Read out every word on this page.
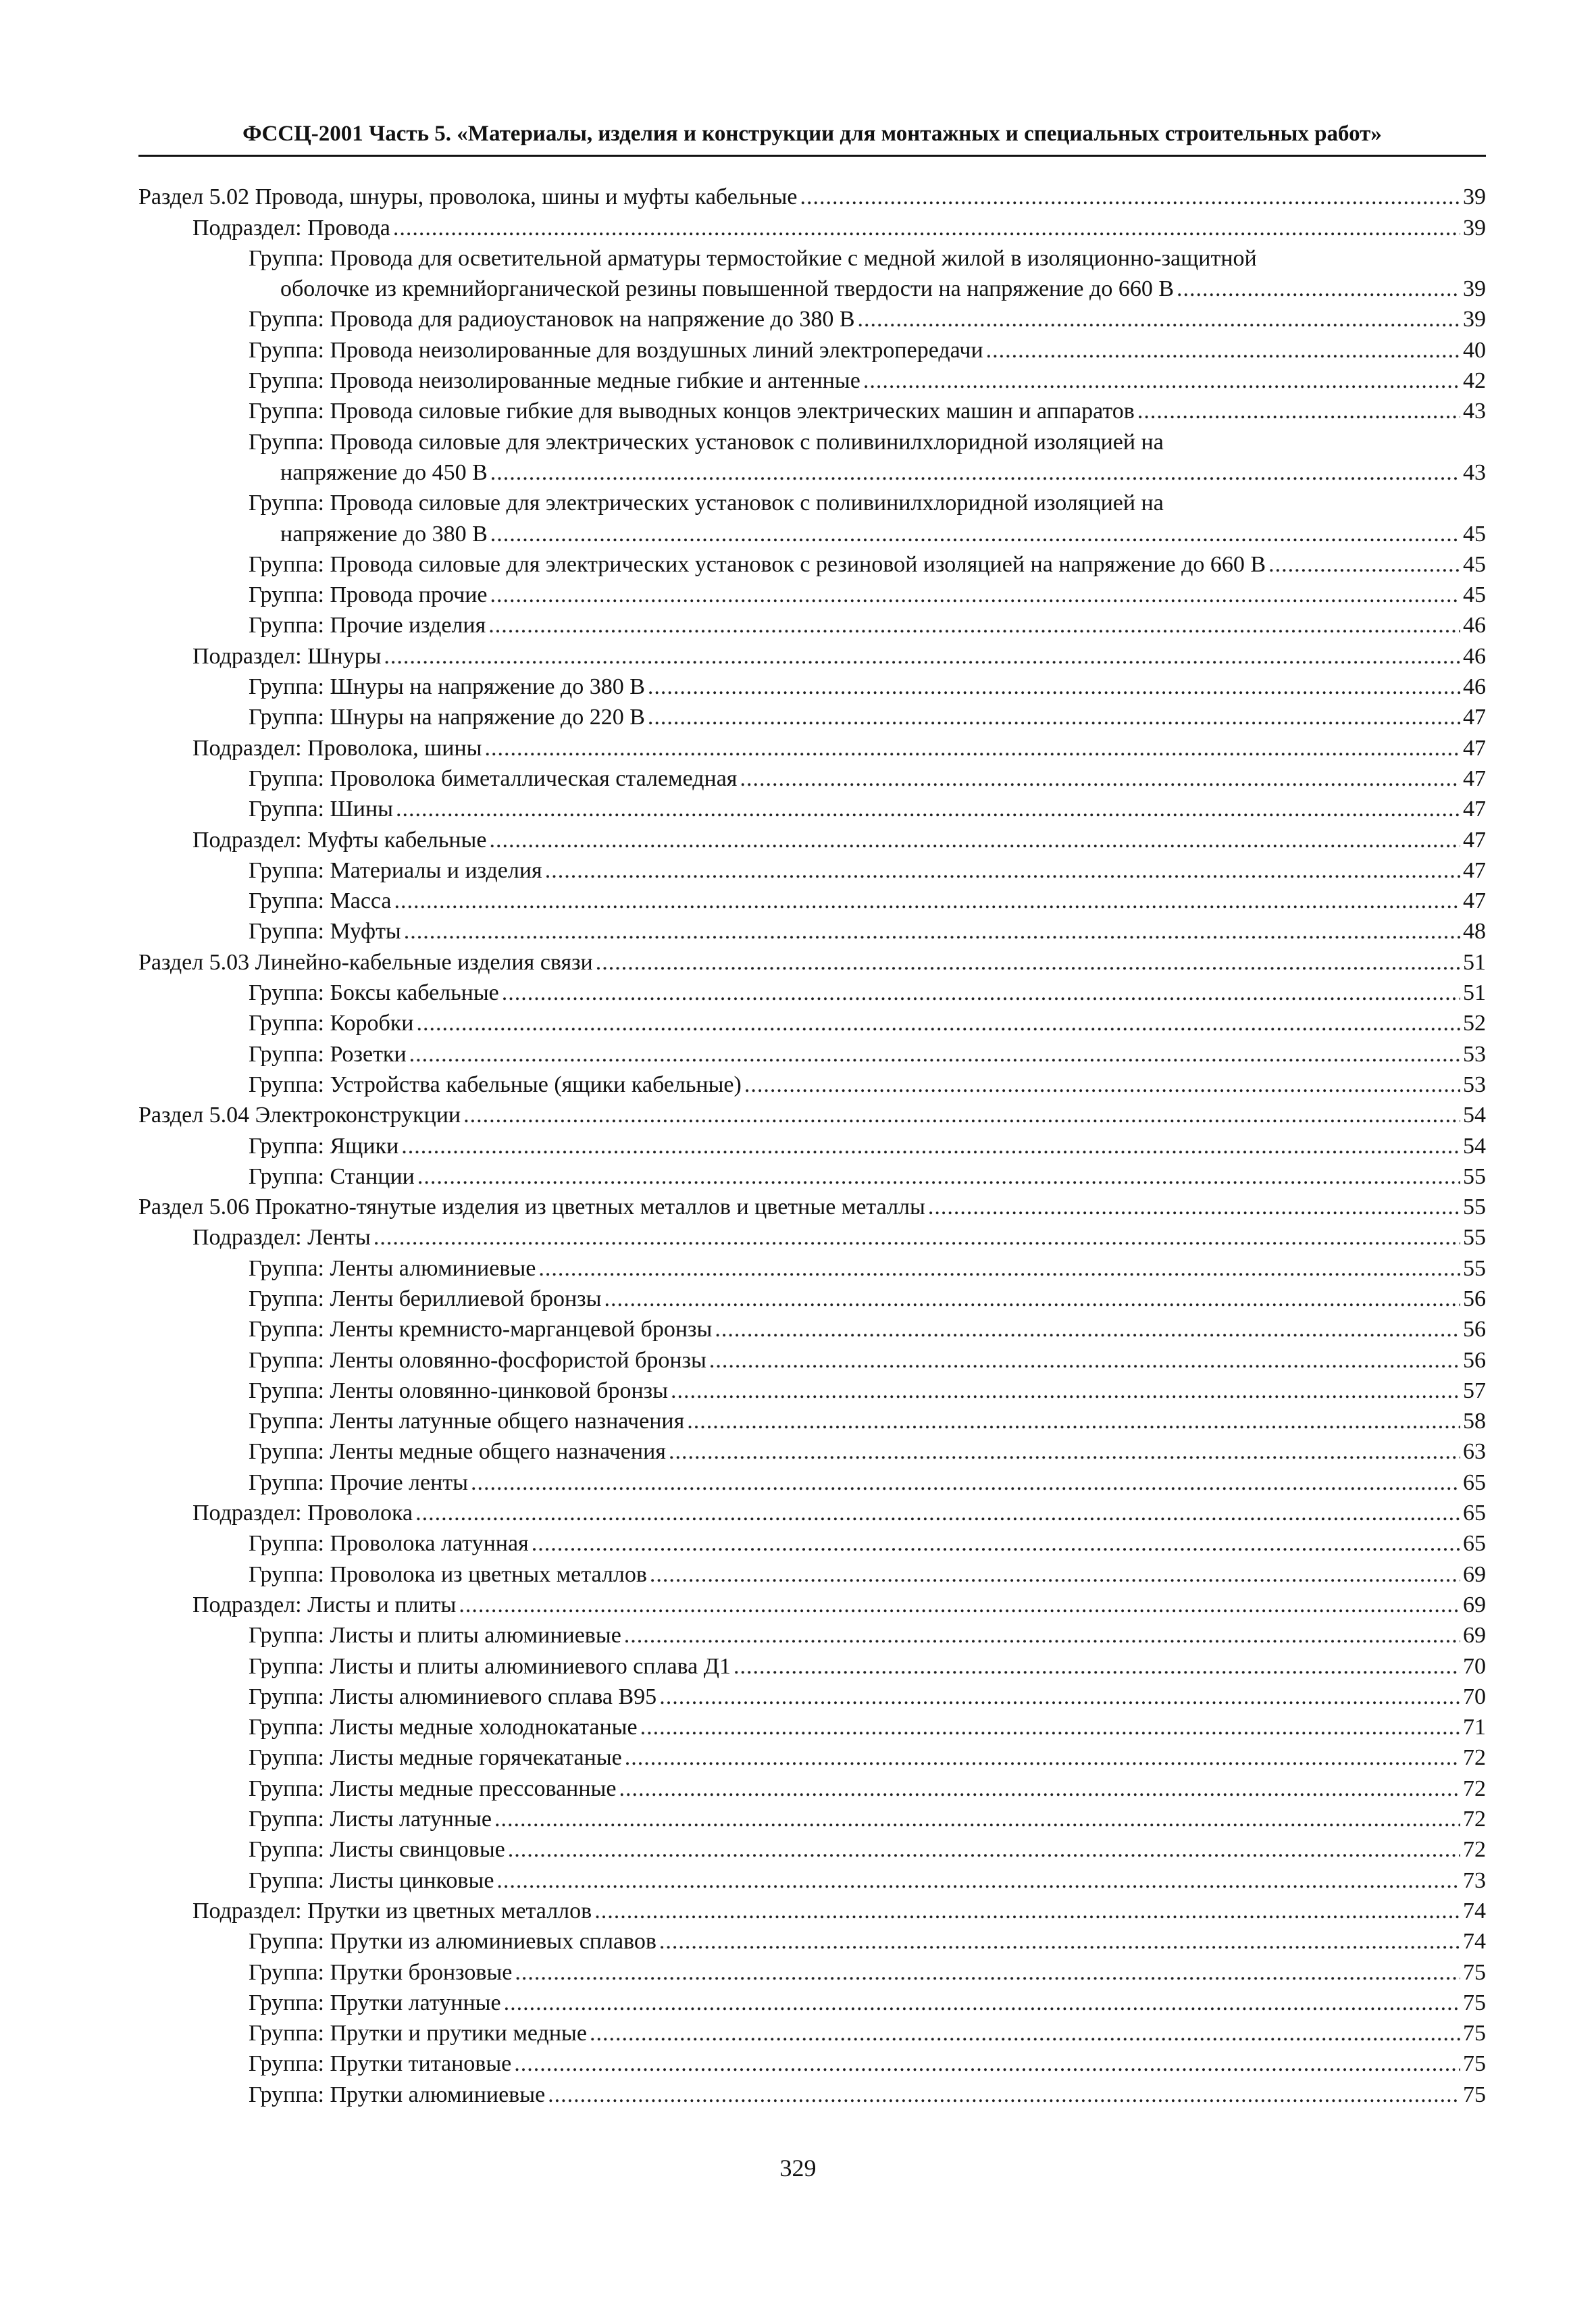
ФССЦ-2001 Часть 5. «Материалы, изделия и конструкции для монтажных и специальных строительных работ»
Раздел 5.02 Провода, шнуры, проволока, шины и муфты кабельные .....	39
Подраздел: Провода .....	39
Группа: Провода для осветительной арматуры термостойкие с медной жилой в изоляционно-защитной
оболочке из кремнийорганической резины повышенной твердости на напряжение до 660 В .....	39
Группа: Провода для радиоустановок на напряжение до 380 В .....	39
Группа: Провода неизолированные для воздушных линий электропередачи .....	40
Группа: Провода неизолированные медные гибкие и антенные .....	42
Группа: Провода силовые гибкие для выводных концов электрических машин и аппаратов .....	43
Группа: Провода силовые для электрических установок с поливинилхлоридной изоляцией на
напряжение до 450 В .....	43
Группа: Провода силовые для электрических установок с поливинилхлоридной изоляцией на
напряжение до 380 В .....	45
Группа: Провода силовые для электрических установок с резиновой изоляцией на напряжение до 660 В .....	45
Группа: Провода прочие .....	45
Группа: Прочие изделия .....	46
Подраздел: Шнуры .....	46
Группа: Шнуры на напряжение до 380 В .....	46
Группа: Шнуры на напряжение до 220 В .....	47
Подраздел: Проволока, шины .....	47
Группа: Проволока биметаллическая сталемедная .....	47
Группа: Шины .....	47
Подраздел: Муфты кабельные .....	47
Группа: Материалы и изделия .....	47
Группа: Масса .....	47
Группа: Муфты .....	48
Раздел 5.03 Линейно-кабельные изделия связи .....	51
Группа: Боксы кабельные .....	51
Группа: Коробки .....	52
Группа: Розетки .....	53
Группа: Устройства кабельные (ящики кабельные) .....	53
Раздел 5.04 Электроконструкции .....	54
Группа: Ящики .....	54
Группа: Станции .....	55
Раздел 5.06 Прокатно-тянутые изделия из цветных металлов и цветные металлы .....	55
Подраздел: Ленты .....	55
Группа: Ленты алюминиевые .....	55
Группа: Ленты бериллиевой бронзы .....	56
Группа: Ленты кремнисто-марганцевой бронзы .....	56
Группа: Ленты оловянно-фосфористой бронзы .....	56
Группа: Ленты оловянно-цинковой бронзы .....	57
Группа: Ленты латунные общего назначения .....	58
Группа: Ленты медные общего назначения .....	63
Группа: Прочие ленты .....	65
Подраздел: Проволока .....	65
Группа: Проволока латунная .....	65
Группа: Проволока из цветных металлов .....	69
Подраздел: Листы и плиты .....	69
Группа: Листы и плиты алюминиевые .....	69
Группа: Листы и плиты алюминиевого сплава Д1 .....	70
Группа: Листы алюминиевого сплава В95 .....	70
Группа: Листы медные холоднокатаные .....	71
Группа: Листы медные горячекатаные .....	72
Группа: Листы медные прессованные .....	72
Группа: Листы латунные .....	72
Группа: Листы свинцовые .....	72
Группа: Листы цинковые .....	73
Подраздел: Прутки из цветных металлов .....	74
Группа: Прутки из алюминиевых сплавов .....	74
Группа: Прутки бронзовые .....	75
Группа: Прутки латунные .....	75
Группа: Прутки и прутики медные .....	75
Группа: Прутки титановые .....	75
Группа: Прутки алюминиевые .....	75
329
